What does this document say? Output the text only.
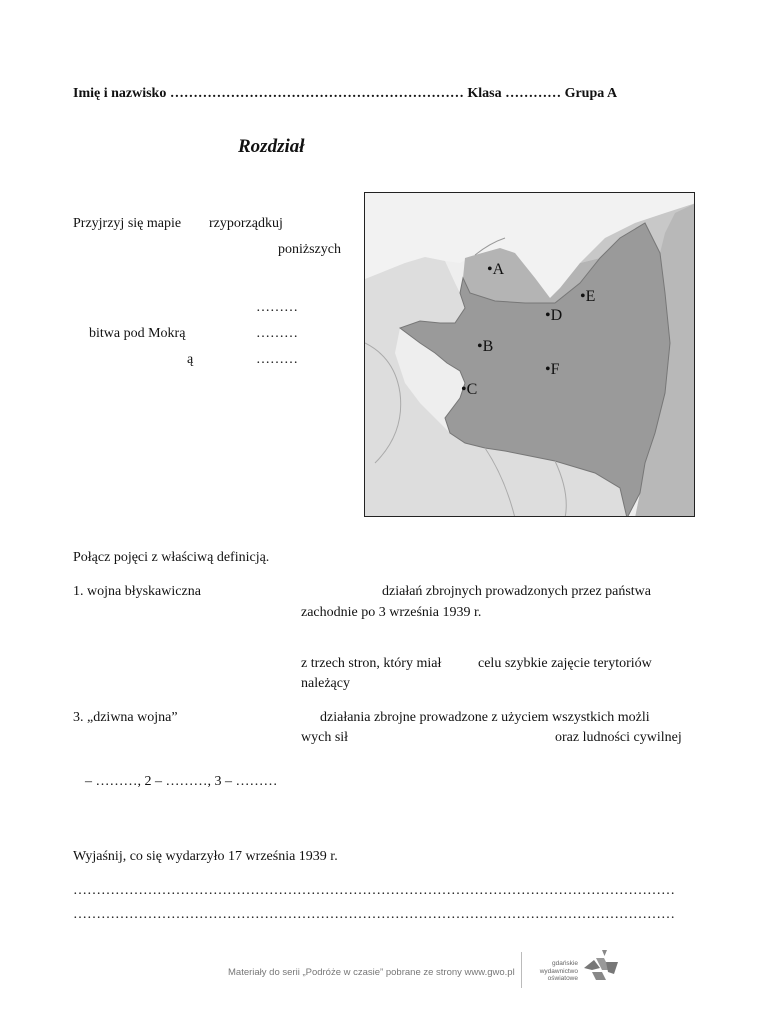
Imię i nazwisko ……………………………………………………… Klasa ………… Grupa A
Rozdział
Przyjrzyj się mapie rzyporządkuj
poniższych
………
bitwa pod Mokrą	………
ą	………
•A
•B
•C
•D
•E
•F
Połącz pojęci z właściwą definicją.
1. wojna błyskawiczna	działań zbrojnych prowadzonych przez państwa
zachodnie po 3 września 1939 r.
z trzech stron, który miał	celu szybkie zajęcie terytoriów
należący
3. „dziwna wojna”	działania zbrojne prowadzone z użyciem wszystkich możli
wych sił	oraz ludności cywilnej
– ………, 2 – ………, 3 – ………
Wyjaśnij, co się wydarzyło 17 września 1939 r.
…………………………………………………………………………………………………………………
…………………………………………………………………………………………………………………
Materiały do serii „Podróże w czasie” pobrane ze strony www.gwo.pl
gdańskie
wydawnictwo
oświatowe
